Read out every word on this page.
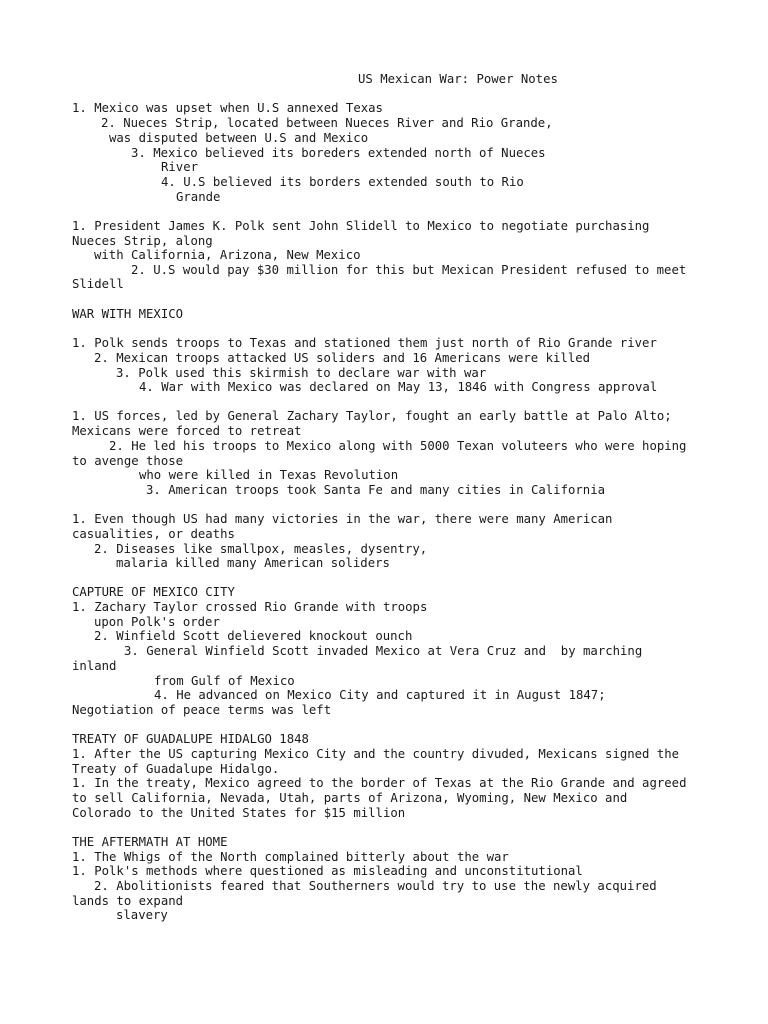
US Mexican War: Power Notes
1. Mexico was upset when U.S annexed Texas
2. Nueces Strip, located between Nueces River and Rio Grande,
was disputed between U.S and Mexico
3. Mexico believed its boreders extended north of Nueces
River
4. U.S believed its borders extended south to Rio
Grande
1. President James K. Polk sent John Slidell to Mexico to negotiate purchasing
Nueces Strip, along
with California, Arizona, New Mexico
2. U.S would pay $30 million for this but Mexican President refused to meet
Slidell
WAR WITH MEXICO
1. Polk sends troops to Texas and stationed them just north of Rio Grande river
2. Mexican troops attacked US soliders and 16 Americans were killed
3. Polk used this skirmish to declare war with war
4. War with Mexico was declared on May 13, 1846 with Congress approval
1. US forces, led by General Zachary Taylor, fought an early battle at Palo Alto;
Mexicans were forced to retreat
2. He led his troops to Mexico along with 5000 Texan voluteers who were hoping
to avenge those
who were killed in Texas Revolution
3. American troops took Santa Fe and many cities in California
1. Even though US had many victories in the war, there were many American
casualities, or deaths
2. Diseases like smallpox, measles, dysentry,
malaria killed many American soliders
CAPTURE OF MEXICO CITY
1. Zachary Taylor crossed Rio Grande with troops
upon Polk's order
2. Winfield Scott delievered knockout ounch
3. General Winfield Scott invaded Mexico at Vera Cruz and  by marching
inland
from Gulf of Mexico
4. He advanced on Mexico City and captured it in August 1847;
Negotiation of peace terms was left
TREATY OF GUADALUPE HIDALGO 1848
1. After the US capturing Mexico City and the country divuded, Mexicans signed the
Treaty of Guadalupe Hidalgo.
1. In the treaty, Mexico agreed to the border of Texas at the Rio Grande and agreed
to sell California, Nevada, Utah, parts of Arizona, Wyoming, New Mexico and
Colorado to the United States for $15 million
THE AFTERMATH AT HOME
1. The Whigs of the North complained bitterly about the war
1. Polk's methods where questioned as misleading and unconstitutional
2. Abolitionists feared that Southerners would try to use the newly acquired
lands to expand
slavery
